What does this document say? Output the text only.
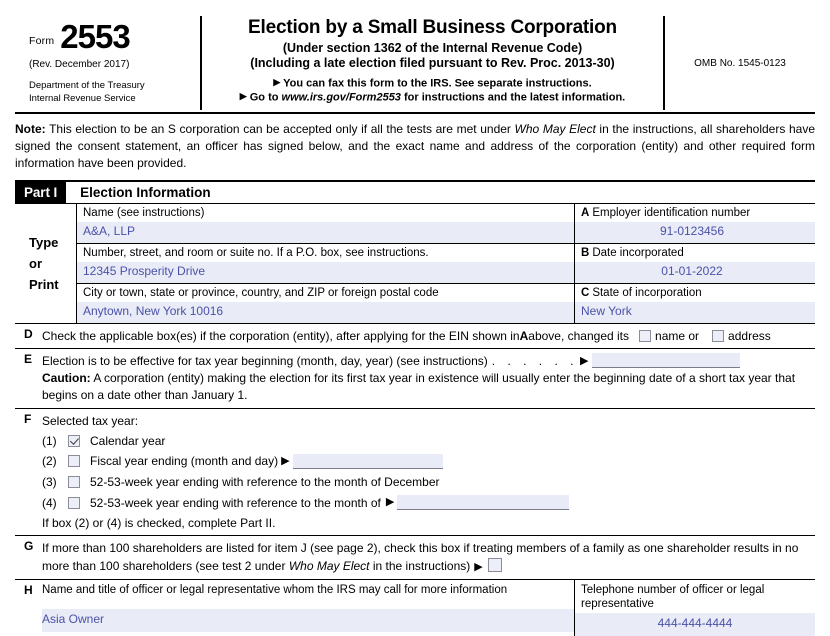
Form 2553
(Rev. December 2017)
Department of the Treasury
Internal Revenue Service
Election by a Small Business Corporation
(Under section 1362 of the Internal Revenue Code)
(Including a late election filed pursuant to Rev. Proc. 2013-30)
▶ You can fax this form to the IRS. See separate instructions.
▶ Go to www.irs.gov/Form2553 for instructions and the latest information.
OMB No. 1545-0123
Note: This election to be an S corporation can be accepted only if all the tests are met under Who May Elect in the instructions, all shareholders have signed the consent statement, an officer has signed below, and the exact name and address of the corporation (entity) and other required form information have been provided.
Part I	Election Information
Type
or
Print
Name (see instructions)
A&A, LLP
A Employer identification number
91-0123456
Number, street, and room or suite no. If a P.O. box, see instructions.
12345 Prosperity Drive
B Date incorporated
01-01-2022
City or town, state or province, country, and ZIP or foreign postal code
Anytown, New York 10016
C State of incorporation
New York
D Check the applicable box(es) if the corporation (entity), after applying for the EIN shown in A above, changed its name or address
E Election is to be effective for tax year beginning (month, day, year) (see instructions) . . . . . . ▶
Caution: A corporation (entity) making the election for its first tax year in existence will usually enter the beginning date of a short tax year that begins on a date other than January 1.
F Selected tax year:
(1)	Calendar year
(2)	Fiscal year ending (month and day) ▶
(3)	52-53-week year ending with reference to the month of December
(4)	52-53-week year ending with reference to the month of ▶
If box (2) or (4) is checked, complete Part II.
G If more than 100 shareholders are listed for item J (see page 2), check this box if treating members of a family as one shareholder results in no more than 100 shareholders (see test 2 under Who May Elect in the instructions) ▶
H Name and title of officer or legal representative whom the IRS may call for more information
Asia Owner
Telephone number of officer or legal representative
444-444-4444
